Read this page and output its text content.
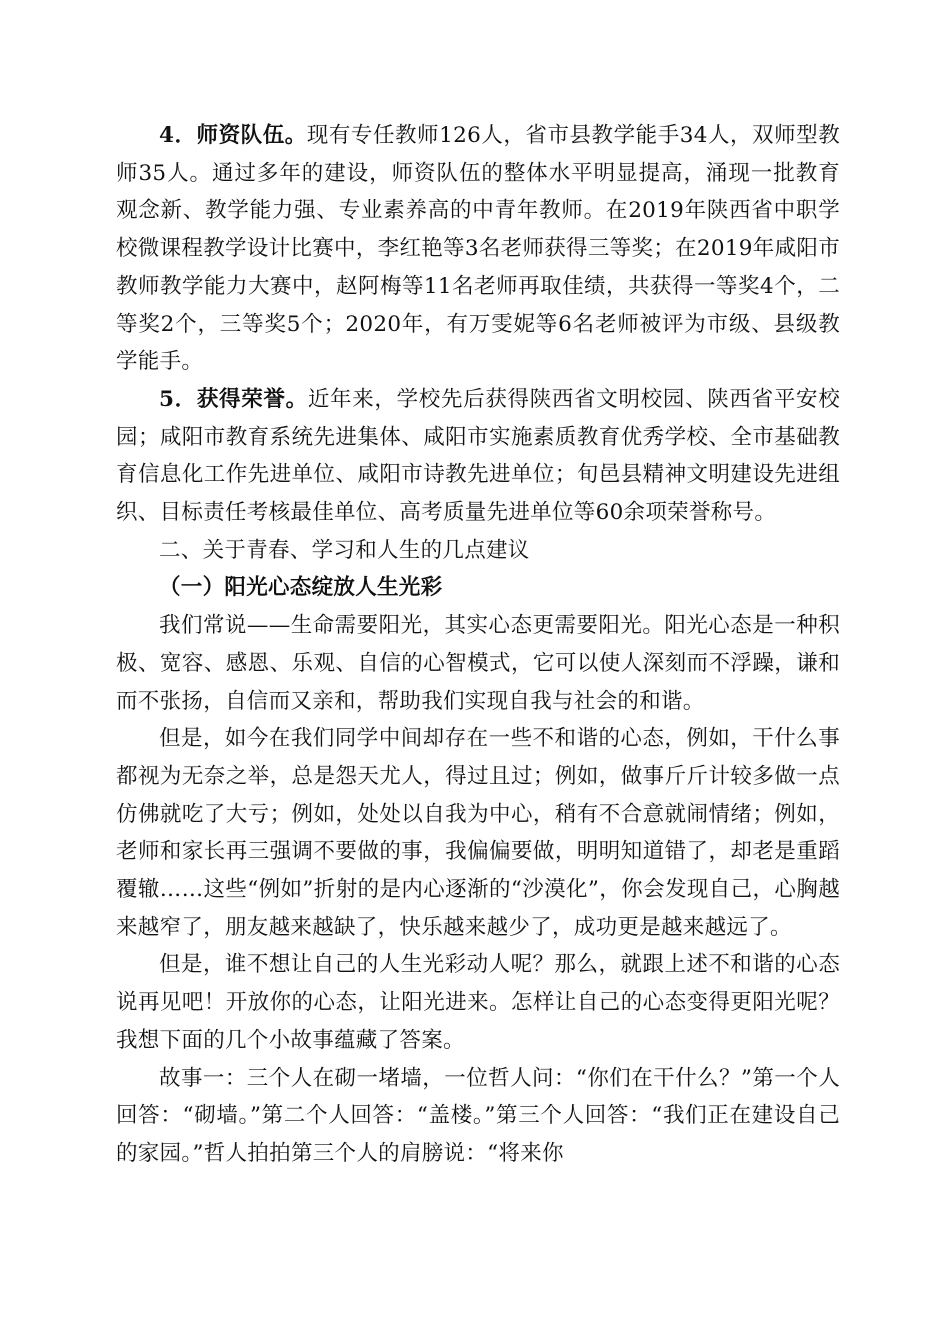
4．师资队伍。现有专任教师126人，省市县教学能手34人，双师型教师35人。通过多年的建设，师资队伍的整体水平明显提高，涌现一批教育观念新、教学能力强、专业素养高的中青年教师。在2019年陕西省中职学校微课程教学设计比赛中，李红艳等3名老师获得三等奖；在2019年咸阳市教师教学能力大赛中，赵阿梅等11名老师再取佳绩，共获得一等奖4个，二等奖2个，三等奖5个；2020年，有万雯妮等6名老师被评为市级、县级教学能手。

5．获得荣誉。近年来，学校先后获得陕西省文明校园、陕西省平安校园；咸阳市教育系统先进集体、咸阳市实施素质教育优秀学校、全市基础教育信息化工作先进单位、咸阳市诗教先进单位；旬邑县精神文明建设先进组织、目标责任考核最佳单位、高考质量先进单位等60余项荣誉称号。

二、关于青春、学习和人生的几点建议

（一）阳光心态绽放人生光彩

我们常说——生命需要阳光，其实心态更需要阳光。阳光心态是一种积极、宽容、感恩、乐观、自信的心智模式，它可以使人深刻而不浮躁，谦和而不张扬，自信而又亲和，帮助我们实现自我与社会的和谐。

但是，如今在我们同学中间却存在一些不和谐的心态，例如，干什么事都视为无奈之举，总是怨天尤人，得过且过；例如，做事斤斤计较多做一点仿佛就吃了大亏；例如，处处以自我为中心，稍有不合意就闹情绪；例如，老师和家长再三强调不要做的事，我偏偏要做，明明知道错了，却老是重蹈覆辙……这些“例如”折射的是内心逐渐的“沙漠化”，你会发现自己，心胸越来越窄了，朋友越来越缺了，快乐越来越少了，成功更是越来越远了。

但是，谁不想让自己的人生光彩动人呢？那么，就跟上述不和谐的心态说再见吧！开放你的心态，让阳光进来。怎样让自己的心态变得更阳光呢？我想下面的几个小故事蕴藏了答案。

故事一：三个人在砌一堵墙，一位哲人问：“你们在干什么？”第一个人回答：“砌墙。”第二个人回答：“盖楼。”第三个人回答：“我们正在建设自己的家园。”哲人拍拍第三个人的肩膀说：“将来你
